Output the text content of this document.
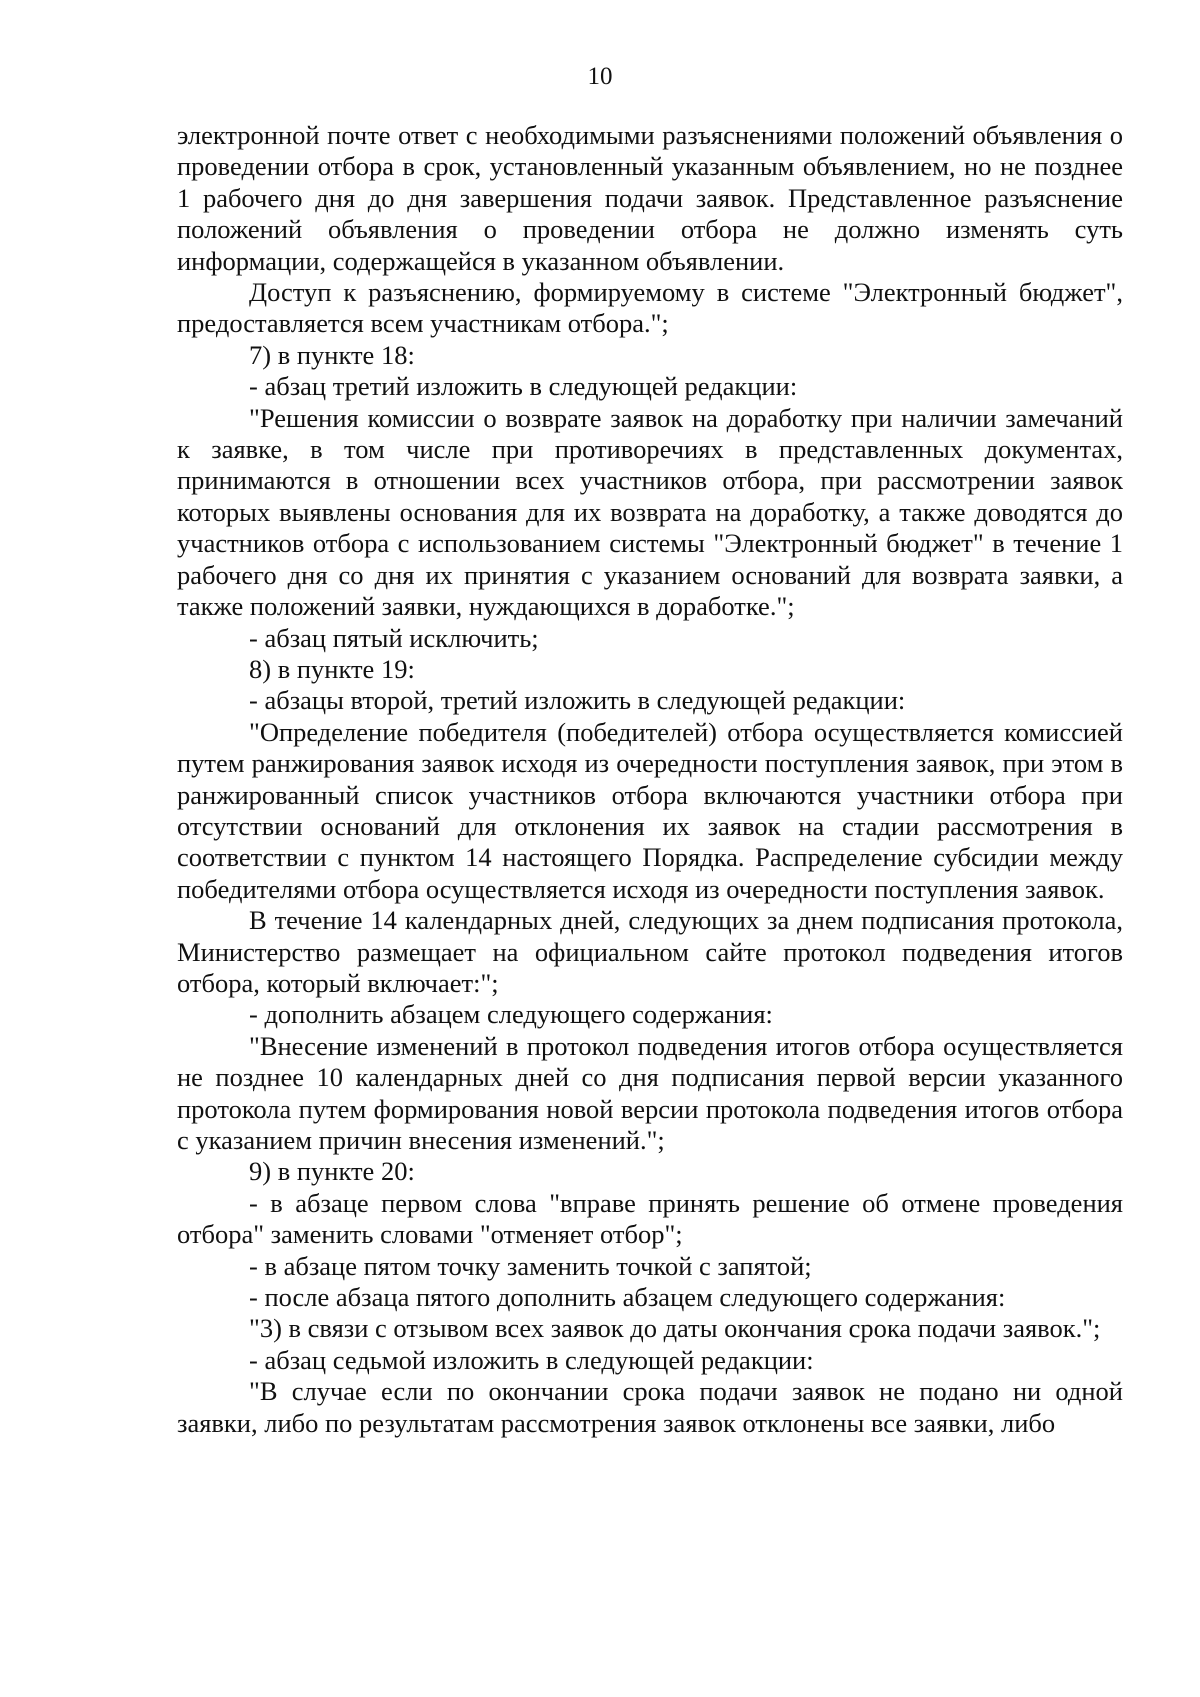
10

электронной почте ответ с необходимыми разъяснениями положений объявления о проведении отбора в срок, установленный указанным объявлением, но не позднее 1 рабочего дня до дня завершения подачи заявок. Представленное разъяснение положений объявления о проведении отбора не должно изменять суть информации, содержащейся в указанном объявлении.

Доступ к разъяснению, формируемому в системе "Электронный бюджет", предоставляется всем участникам отбора.";

7) в пункте 18:

- абзац третий изложить в следующей редакции:

"Решения комиссии о возврате заявок на доработку при наличии замечаний к заявке, в том числе при противоречиях в представленных документах, принимаются в отношении всех участников отбора, при рассмотрении заявок которых выявлены основания для их возврата на доработку, а также доводятся до участников отбора с использованием системы "Электронный бюджет" в течение 1 рабочего дня со дня их принятия с указанием оснований для возврата заявки, а также положений заявки, нуждающихся в доработке.";

- абзац пятый исключить;

8) в пункте 19:

- абзацы второй, третий изложить в следующей редакции:

"Определение победителя (победителей) отбора осуществляется комиссией путем ранжирования заявок исходя из очередности поступления заявок, при этом в ранжированный список участников отбора включаются участники отбора при отсутствии оснований для отклонения их заявок на стадии рассмотрения в соответствии с пунктом 14 настоящего Порядка. Распределение субсидии между победителями отбора осуществляется исходя из очередности поступления заявок.

В течение 14 календарных дней, следующих за днем подписания протокола, Министерство размещает на официальном сайте протокол подведения итогов отбора, который включает:";

- дополнить абзацем следующего содержания:

"Внесение изменений в протокол подведения итогов отбора осуществляется не позднее 10 календарных дней со дня подписания первой версии указанного протокола путем формирования новой версии протокола подведения итогов отбора с указанием причин внесения изменений.";

9) в пункте 20:

- в абзаце первом слова "вправе принять решение об отмене проведения отбора" заменить словами "отменяет отбор";

- в абзаце пятом точку заменить точкой с запятой;

- после абзаца пятого дополнить абзацем следующего содержания:

"3) в связи с отзывом всех заявок до даты окончания срока подачи заявок.";

- абзац седьмой изложить в следующей редакции:

"В случае если по окончании срока подачи заявок не подано ни одной заявки, либо по результатам рассмотрения заявок отклонены все заявки, либо
